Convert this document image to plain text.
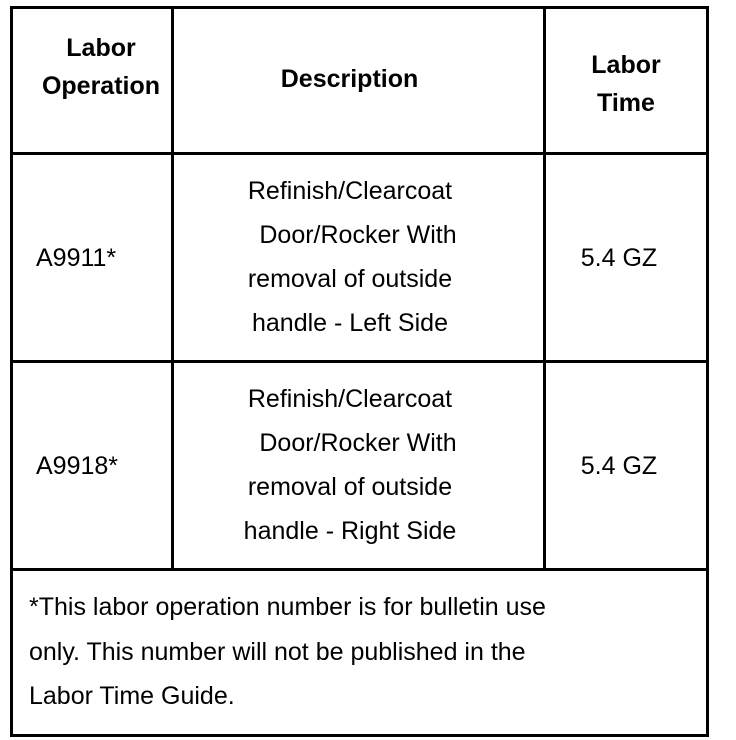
Labor
Operation	Description	Labor
Time
A9911*
Refinish/Clearcoat
Door/Rocker With
removal of outside
handle - Left Side
5.4 GZ
A9918*
Refinish/Clearcoat
Door/Rocker With
removal of outside
handle - Right Side
5.4 GZ
*This labor operation number is for bulletin use
only. This number will not be published in the
Labor Time Guide.
